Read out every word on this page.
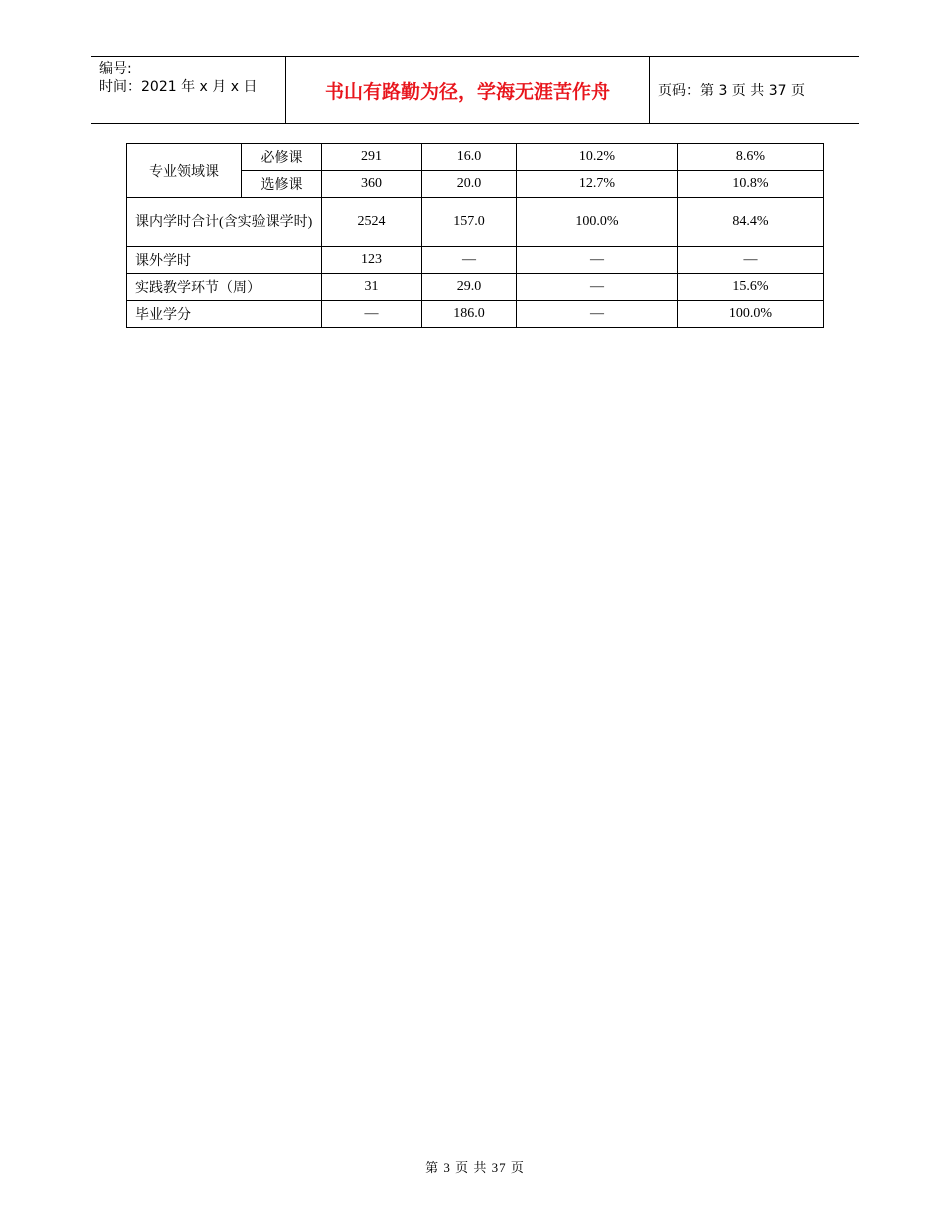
编号:
时间：2021 年 x 月 x 日	书山有路勤为径，学海无涯苦作舟	页码：第 3 页 共 37 页
专业领域课	必修课	291	16.0	10.2%	8.6%
	选修课	360	20.0	12.7%	10.8%
课内学时合计(含实验课学时)		2524	157.0	100.0%	84.4%
课外学时		123	—	—	—
实践教学环节（周）		31	29.0	—	15.6%
毕业学分		—	186.0	—	100.0%
第 3 页 共 37 页
